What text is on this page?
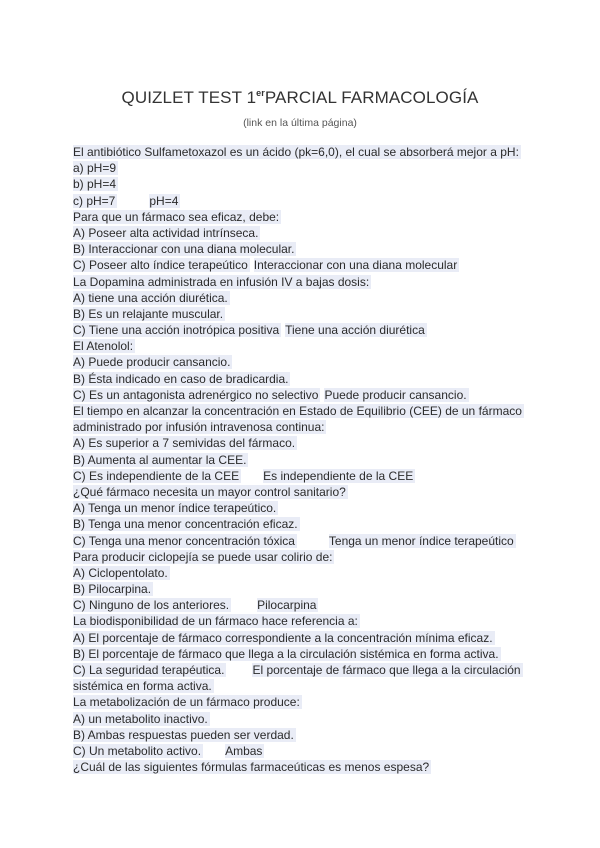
QUIZLET TEST 1erPARCIAL FARMACOLOGÍA
(link en la última página)
El antibiótico Sulfametoxazol es un ácido (pk=6,0), el cual se absorberá mejor a pH:
a) pH=9
b) pH=4
c) pH=7	pH=4
Para que un fármaco sea eficaz, debe:
A) Poseer alta actividad intrínseca.
B) Interaccionar con una diana molecular.
C) Poseer alto índice terapeútico Interaccionar con una diana molecular
La Dopamina administrada en infusión IV a bajas dosis:
A) tiene una acción diurética.
B) Es un relajante muscular.
C) Tiene una acción inotrópica positiva Tiene una acción diurética
El Atenolol:
A) Puede producir cansancio.
B) Ésta indicado en caso de bradicardia.
C) Es un antagonista adrenérgico no selectivo Puede producir cansancio.
El tiempo en alcanzar la concentración en Estado de Equilibrio (CEE) de un fármaco
administrado por infusión intravenosa continua:
A) Es superior a 7 semividas del fármaco.
B) Aumenta al aumentar la CEE.
C) Es independiente de la CEE Es independiente de la CEE
¿Qué fármaco necesita un mayor control sanitario?
A) Tenga un menor índice terapeútico.
B) Tenga una menor concentración eficaz.
C) Tenga una menor concentración tóxica	Tenga un menor índice terapeútico
Para producir ciclopejía se puede usar colirio de:
A) Ciclopentolato.
B) Pilocarpina.
C) Ninguno de los anteriores. Pilocarpina
La biodisponibilidad de un fármaco hace referencia a:
A) El porcentaje de fármaco correspondiente a la concentración mínima eficaz.
B) El porcentaje de fármaco que llega a la circulación sistémica en forma activa.
C) La seguridad terapéutica. El porcentaje de fármaco que llega a la circulación
sistémica en forma activa.
La metabolización de un fármaco produce:
A) un metabolito inactivo.
B) Ambas respuestas pueden ser verdad.
C) Un metabolito activo. Ambas
¿Cuál de las siguientes fórmulas farmaceúticas es menos espesa?
